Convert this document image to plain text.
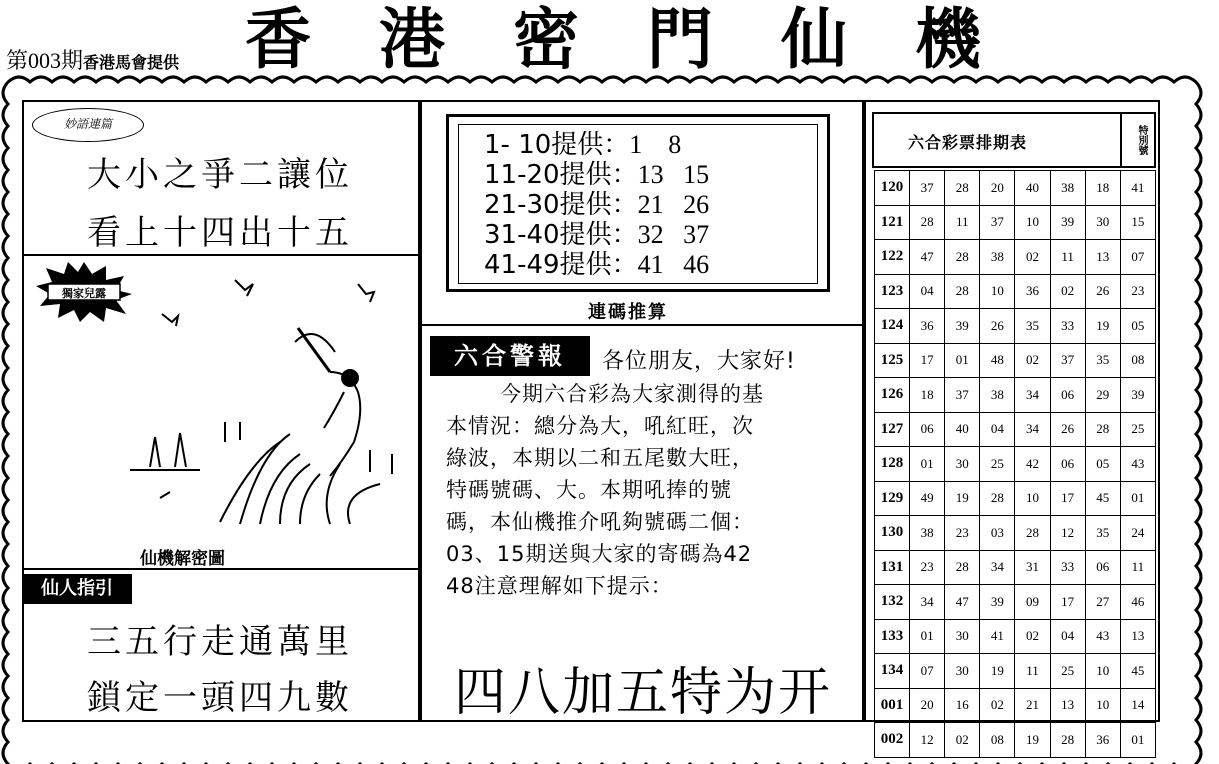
第003期香港馬會提供 香港密門仙機
妙語連篇
大小之爭二讓位
看上十四出十五
獨家兒露
仙機解密圖
仙人指引
三五行走通萬里
鎖定一頭四九數
1- 10提供：1    8
11-20提供：13   15
21-30提供：21   26
31-40提供：32   37
41-49提供：41   46
連碼推算
六合警報	各位朋友，大家好!
今期六合彩為大家測得的基
本情況：總分為大，吼紅旺，次
綠波，本期以二和五尾數大旺，
特碼號碼、大。本期吼捧的號
碼，本仙機推介吼夠號碼二個：
03、15期送與大家的寄碼為42
48注意理解如下提示：
四八加五特为开
六合彩票排期表	特別號
120	37	28	20	40	38	18	41
121	28	11	37	10	39	30	15
122	47	28	38	02	11	13	07
123	04	28	10	36	02	26	23
124	36	39	26	35	33	19	05
125	17	01	48	02	37	35	08
126	18	37	38	34	06	29	39
127	06	40	04	34	26	28	25
128	01	30	25	42	06	05	43
129	49	19	28	10	17	45	01
130	38	23	03	28	12	35	24
131	23	28	34	31	33	06	11
132	34	47	39	09	17	27	46
133	01	30	41	02	04	43	13
134	07	30	19	11	25	10	45
001	20	16	02	21	13	10	14
002	12	02	08	19	28	36	01
